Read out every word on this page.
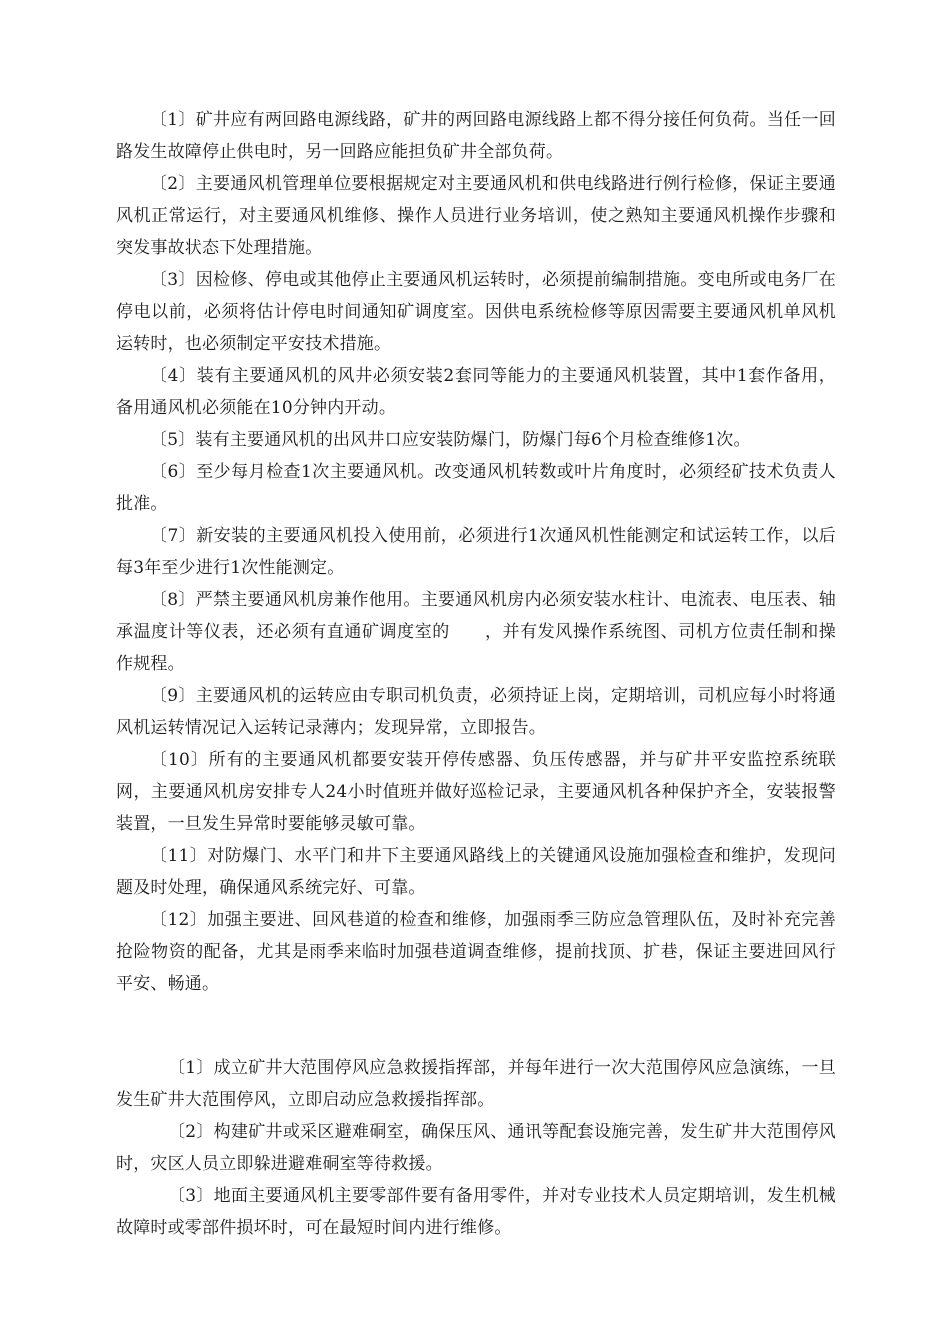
〔1〕矿井应有两回路电源线路，矿井的两回路电源线路上都不得分接任何负荷。当任一回路发生故障停止供电时，另一回路应能担负矿井全部负荷。

〔2〕主要通风机管理单位要根据规定对主要通风机和供电线路进行例行检修，保证主要通风机正常运行，对主要通风机维修、操作人员进行业务培训，使之熟知主要通风机操作步骤和突发事故状态下处理措施。

〔3〕因检修、停电或其他停止主要通风机运转时，必须提前编制措施。变电所或电务厂在停电以前，必须将估计停电时间通知矿调度室。因供电系统检修等原因需要主要通风机单风机运转时，也必须制定平安技术措施。

〔4〕装有主要通风机的风井必须安装2套同等能力的主要通风机装置，其中1套作备用，备用通风机必须能在10分钟内开动。

〔5〕装有主要通风机的出风井口应安装防爆门，防爆门每6个月检查维修1次。

〔6〕至少每月检查1次主要通风机。改变通风机转数或叶片角度时，必须经矿技术负责人批准。

〔7〕新安装的主要通风机投入使用前，必须进行1次通风机性能测定和试运转工作，以后每3年至少进行1次性能测定。

〔8〕严禁主要通风机房兼作他用。主要通风机房内必须安装水柱计、电流表、电压表、轴承温度计等仪表，还必须有直通矿调度室的　　，并有发风操作系统图、司机方位责任制和操作规程。

〔9〕主要通风机的运转应由专职司机负责，必须持证上岗，定期培训，司机应每小时将通风机运转情况记入运转记录薄内；发现异常，立即报告。

〔10〕所有的主要通风机都要安装开停传感器、负压传感器，并与矿井平安监控系统联网，主要通风机房安排专人24小时值班并做好巡检记录，主要通风机各种保护齐全，安装报警装置，一旦发生异常时要能够灵敏可靠。

〔11〕对防爆门、水平门和井下主要通风路线上的关键通风设施加强检查和维护，发现问题及时处理，确保通风系统完好、可靠。

〔12〕加强主要进、回风巷道的检查和维修，加强雨季三防应急管理队伍，及时补充完善抢险物资的配备，尤其是雨季来临时加强巷道调查维修，提前找顶、扩巷，保证主要进回风行平安、畅通。

〔1〕成立矿井大范围停风应急救援指挥部，并每年进行一次大范围停风应急演练，一旦发生矿井大范围停风，立即启动应急救援指挥部。

〔2〕构建矿井或采区避难硐室，确保压风、通讯等配套设施完善，发生矿井大范围停风时，灾区人员立即躲进避难硐室等待救援。

〔3〕地面主要通风机主要零部件要有备用零件，并对专业技术人员定期培训，发生机械故障时或零部件损坏时，可在最短时间内进行维修。
